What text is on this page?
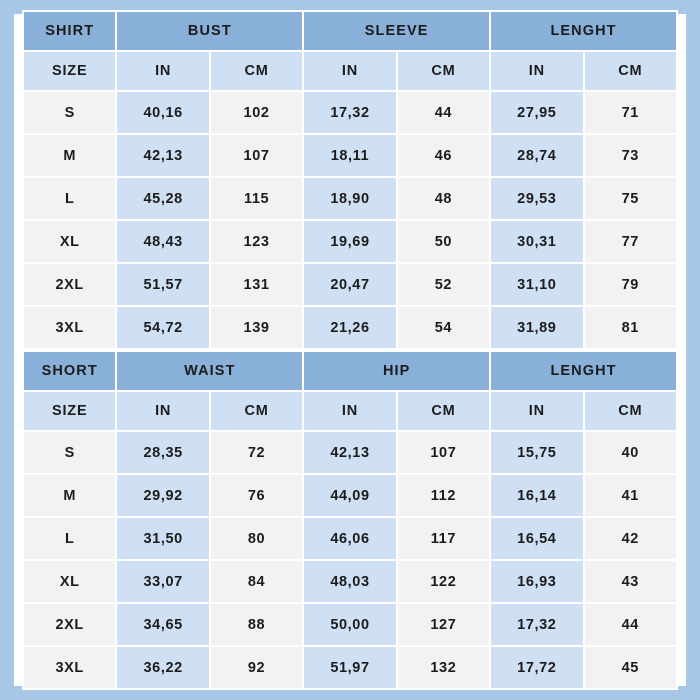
SHIRT	BUST		SLEEVE		LENGHT	
SIZE	IN	CM	IN	CM	IN	CM
S	40,16	102	17,32	44	27,95	71
M	42,13	107	18,11	46	28,74	73
L	45,28	115	18,90	48	29,53	75
XL	48,43	123	19,69	50	30,31	77
2XL	51,57	131	20,47	52	31,10	79
3XL	54,72	139	21,26	54	31,89	81
SHORT	WAIST		HIP		LENGHT	
SIZE	IN	CM	IN	CM	IN	CM
S	28,35	72	42,13	107	15,75	40
M	29,92	76	44,09	112	16,14	41
L	31,50	80	46,06	117	16,54	42
XL	33,07	84	48,03	122	16,93	43
2XL	34,65	88	50,00	127	17,32	44
3XL	36,22	92	51,97	132	17,72	45
